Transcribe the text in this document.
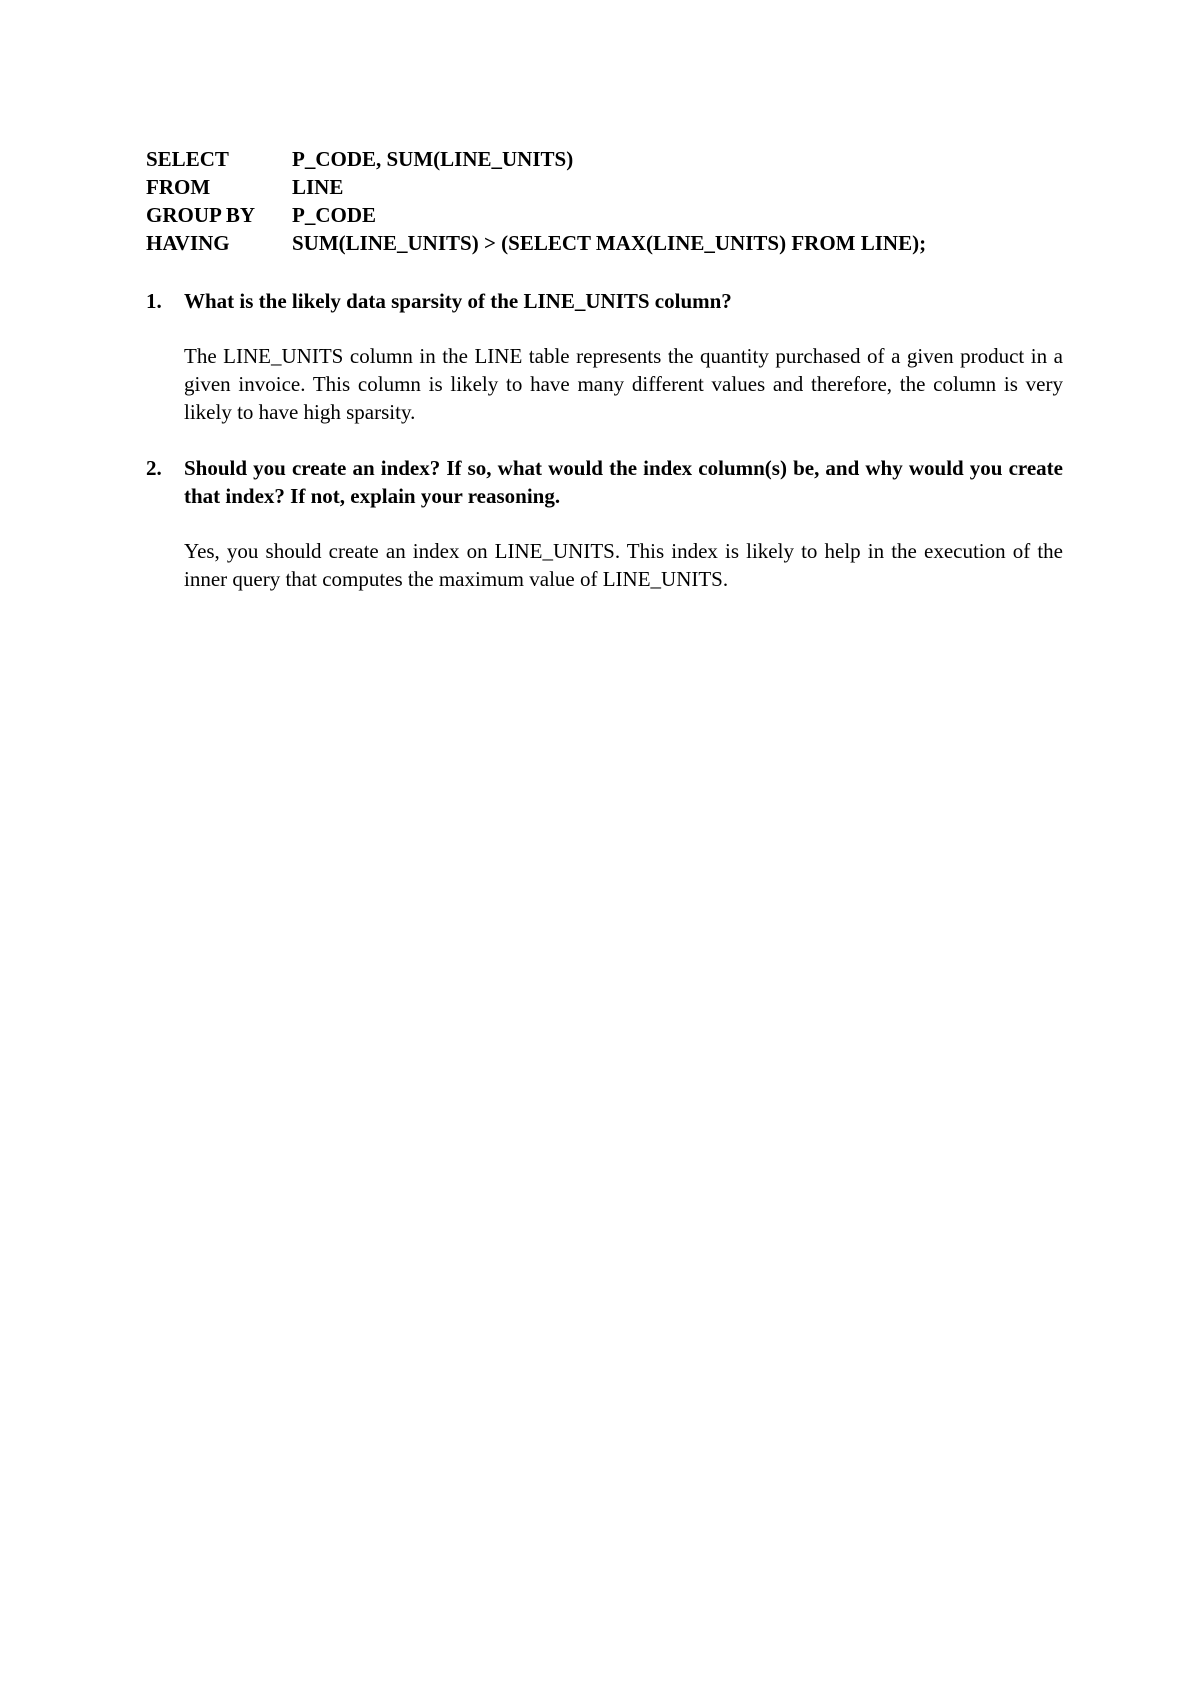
SELECT	P_CODE, SUM(LINE_UNITS)
FROM	LINE
GROUP BY	P_CODE
HAVING	SUM(LINE_UNITS) > (SELECT MAX(LINE_UNITS) FROM LINE);
1.	What is the likely data sparsity of the LINE_UNITS column?
The LINE_UNITS column in the LINE table represents the quantity purchased of a given product in a given invoice. This column is likely to have many different values and therefore, the column is very likely to have high sparsity.
2.	Should you create an index? If so, what would the index column(s) be, and why would you create that index? If not, explain your reasoning.
Yes, you should create an index on LINE_UNITS. This index is likely to help in the execution of the inner query that computes the maximum value of LINE_UNITS.
